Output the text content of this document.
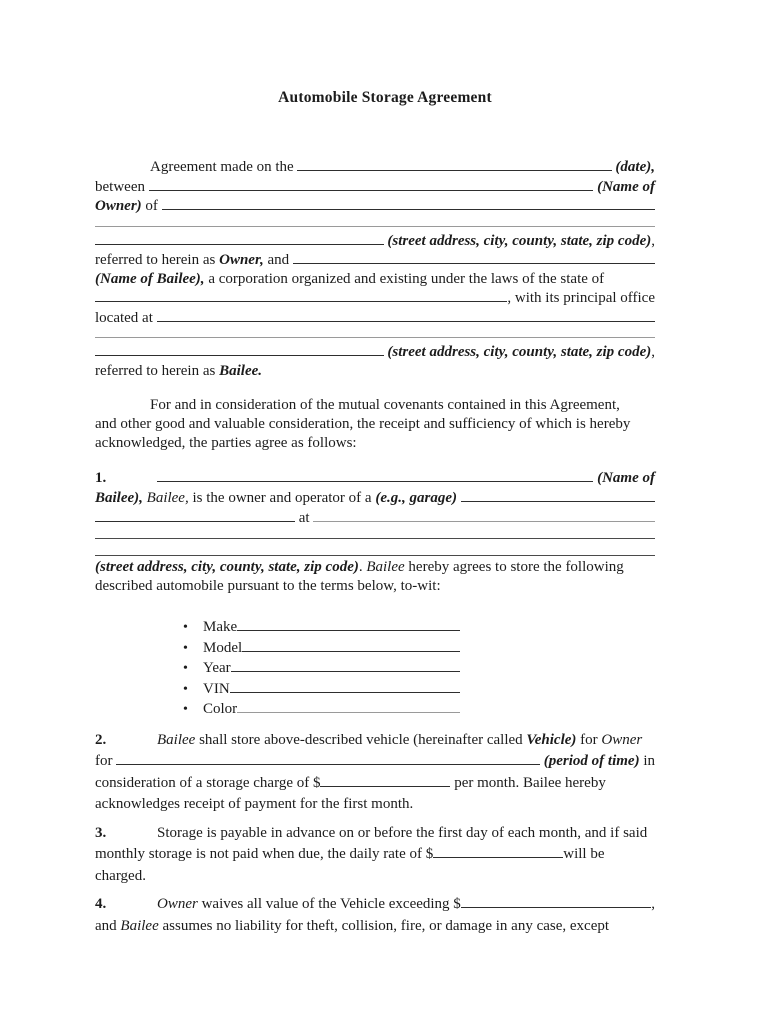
Automobile Storage Agreement
Agreement made on the	(date),
between	(Name of
Owner) of
(street address, city, county, state, zip code) ,
referred to herein as Owner, and
(Name of Bailee), a corporation organized and existing under the laws of the state of
, with its principal office
located at
(street address, city, county, state, zip code) ,
referred to herein as Bailee.
For and in consideration of the mutual covenants contained in this Agreement,
and other good and valuable consideration, the receipt and sufficiency of which is hereby
acknowledged, the parties agree as follows:
1.	(Name of
Bailee),
Bailee, is the owner and operator of a (e.g., garage)

at
(street address, city, county, state, zip code) . Bailee hereby agrees to store the following
described automobile pursuant to the terms below, to-wit:
•	Make
•	Model
•	Year
•	VIN
•	Color
2.	Bailee shall store above-described vehicle (hereinafter called Vehicle) for Owner
for	(period of time) in
consideration of a storage charge of $	per month. Bailee hereby
acknowledges receipt of payment for the first month.
3.	Storage is payable in advance on or before the first day of each month, and if said
monthly storage is not paid when due, the daily rate of $	will be
charged.
4.	Owner waives all value of the Vehicle exceeding $	,
and Bailee assumes no liability for theft, collision, fire, or damage in any case, except
